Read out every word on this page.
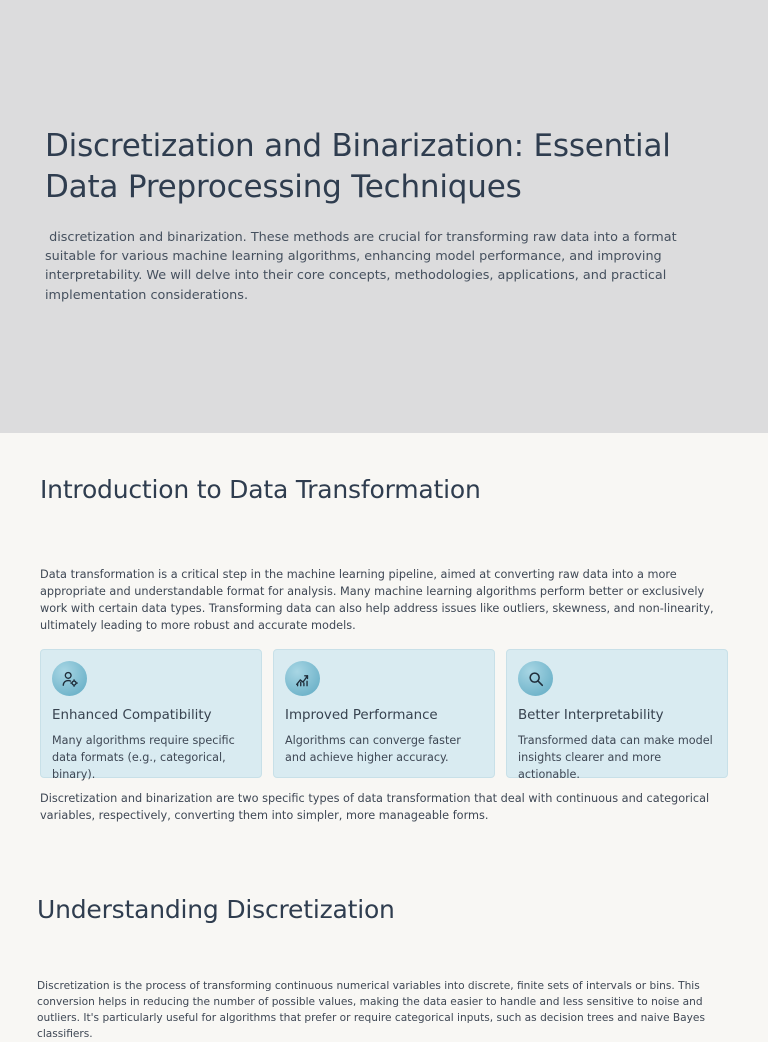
Discretization and Binarization: Essential Data Preprocessing Techniques

discretization and binarization. These methods are crucial for transforming raw data into a format suitable for various machine learning algorithms, enhancing model performance, and improving interpretability. We will delve into their core concepts, methodologies, applications, and practical implementation considerations.

Introduction to Data Transformation

Data transformation is a critical step in the machine learning pipeline, aimed at converting raw data into a more appropriate and understandable format for analysis. Many machine learning algorithms perform better or exclusively work with certain data types. Transforming data can also help address issues like outliers, skewness, and non-linearity, ultimately leading to more robust and accurate models.

Enhanced Compatibility
Many algorithms require specific data formats (e.g., categorical, binary).
Improved Performance
Algorithms can converge faster and achieve higher accuracy.
Better Interpretability
Transformed data can make model insights clearer and more actionable.

Discretization and binarization are two specific types of data transformation that deal with continuous and categorical variables, respectively, converting them into simpler, more manageable forms.

Understanding Discretization

Discretization is the process of transforming continuous numerical variables into discrete, finite sets of intervals or bins. This conversion helps in reducing the number of possible values, making the data easier to handle and less sensitive to noise and outliers. It's particularly useful for algorithms that prefer or require categorical inputs, such as decision trees and naive Bayes classifiers.
